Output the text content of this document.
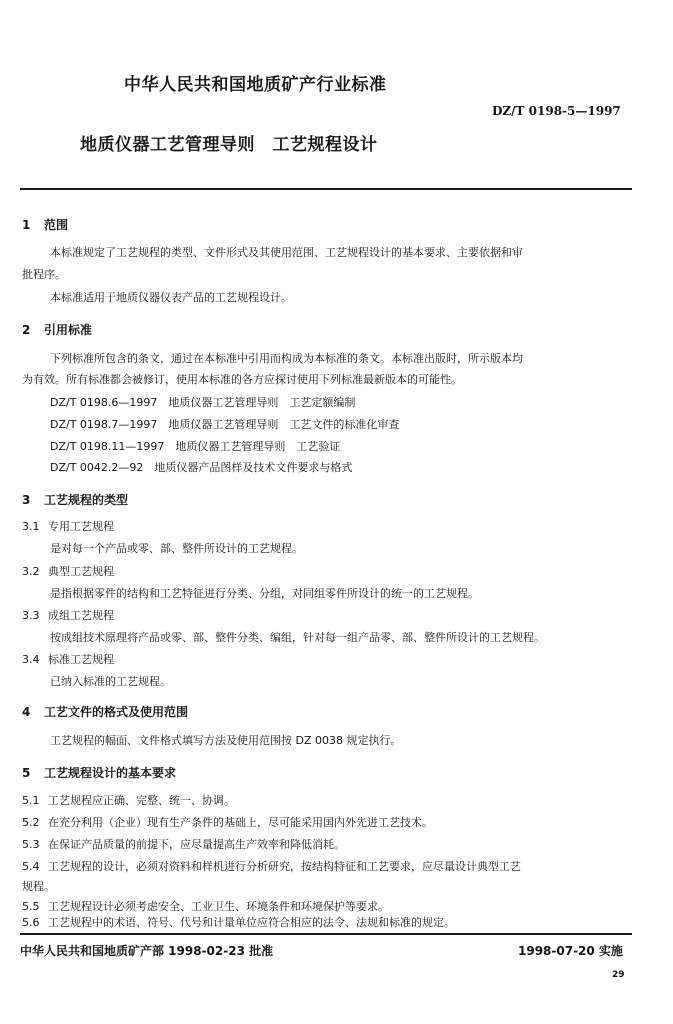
中华人民共和国地质矿产行业标准
DZ/T 0198-5—1997
地质仪器工艺管理导则　工艺规程设计
1 范围
本标准规定了工艺规程的类型、文件形式及其使用范围、工艺规程设计的基本要求、主要依据和审
批程序。
本标准适用于地质仪器仪表产品的工艺规程设计。
2 引用标准
下列标准所包含的条文，通过在本标准中引用而构成为本标准的条文。本标准出版时，所示版本均
为有效。所有标准都会被修订，使用本标准的各方应探讨使用下列标准最新版本的可能性。
DZ/T 0198.6—1997　地质仪器工艺管理导则　工艺定额编制
DZ/T 0198.7—1997　地质仪器工艺管理导则　工艺文件的标准化审查
DZ/T 0198.11—1997　地质仪器工艺管理导则　工艺验证
DZ/T 0042.2—92　地质仪器产品图样及技术文件要求与格式
3 工艺规程的类型
3.1 专用工艺规程
是对每一个产品或零、部、整件所设计的工艺规程。
3.2 典型工艺规程
是指根据零件的结构和工艺特征进行分类、分组，对同组零件所设计的统一的工艺规程。
3.3 成组工艺规程
按成组技术原理将产品或零、部、整件分类、编组，针对每一组产品零、部、整件所设计的工艺规程。
3.4 标准工艺规程
已纳入标准的工艺规程。
4 工艺文件的格式及使用范围
工艺规程的幅面、文件格式填写方法及使用范围按 DZ 0038 规定执行。
5 工艺规程设计的基本要求
5.1 工艺规程应正确、完整、统一、协调。
5.2 在充分利用（企业）现有生产条件的基础上，尽可能采用国内外先进工艺技术。
5.3 在保证产品质量的前提下，应尽量提高生产效率和降低消耗。
5.4 工艺规程的设计，必须对资料和样机进行分析研究，按结构特征和工艺要求，应尽量设计典型工艺
规程。
5.5 工艺规程设计必须考虑安全、工业卫生、环境条件和环境保护等要求。
5.6 工艺规程中的术语、符号、代号和计量单位应符合相应的法令、法规和标准的规定。
中华人民共和国地质矿产部 1998-02-23 批准	1998-07-20 实施
29
